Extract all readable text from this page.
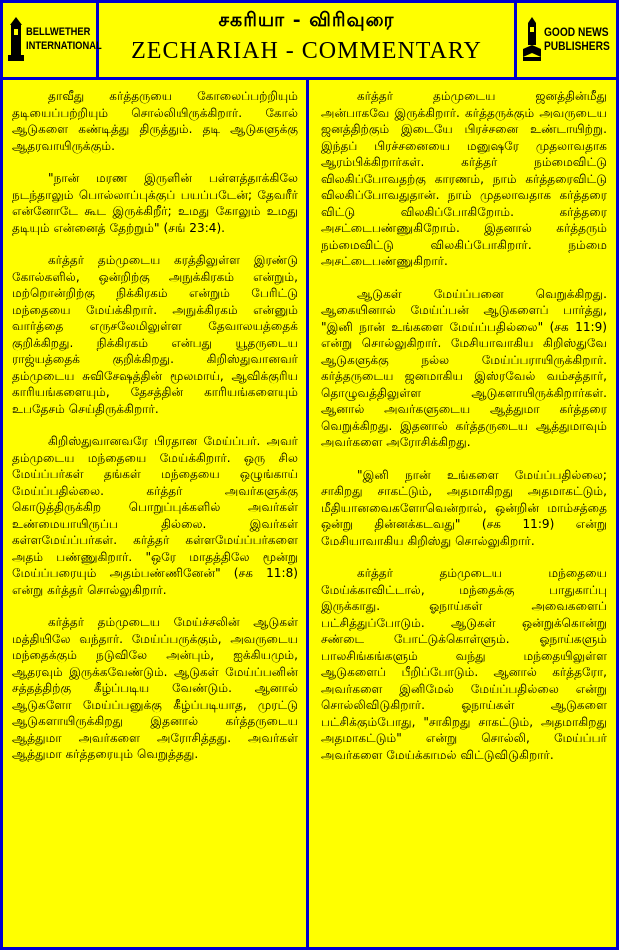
BELLWETHER
INTERNATIONAL
சகரியா - விரிவுரை
ZECHARIAH - COMMENTARY
GOOD NEWS
PUBLISHERS

தாவீது கர்த்தருயை கோலைப்பற்றியும் தடியைப்பற்றியும் சொல்லியிருக்கிறார். கோல் ஆடுகளை கண்டித்து திருத்தும். தடி ஆடுகளுக்கு ஆதரவாயிருக்கும்.

"நான் மரண இருளின் பள்ளத்தாக்கிலே நடந்தாலும் பொல்லாப்புக்குப் பயப்படேன்; தேவரீர் என்னோடே கூட இருக்கிறீர்; உமது கோலும் உமது தடியும் என்னைத் தேற்றும்" (சங் 23:4).

கர்த்தர் தம்முடைய கரத்திலுள்ள இரண்டு கோல்களில், ஒன்றிற்கு அநுக்கிரகம் என்றும், மற்றொன்றிற்கு நிக்கிரகம் என்றும் பேரிட்டு மந்தையை மேய்க்கிறார். அநுக்கிரகம் என்னும் வார்த்தை எருசலேமிலுள்ள தேவாலயத்தைக் குறிக்கிறது. நிக்கிரகம் என்பது யூதருடைய ராஜ்யத்தைக் குறிக்கிறது. கிறிஸ்துவானவர் தம்முடைய சுவிசேஷத்தின் மூலமாய், ஆவிக்குரிய காரியங்களையும், தேசத்தின் காரியங்களையும் உபதேசம் செய்திருக்கிறார்.

கிறிஸ்துவானவரே பிரதான மேய்ப்பர். அவர் தம்முடைய மந்தையை மேய்க்கிறார். ஒரு சில மேய்ப்பர்கள் தங்கள் மந்தையை ஒழுங்காய் மேய்ப்பதில்லை. கர்த்தர் அவர்களுக்கு கொடுத்திருக்கிற பொறுப்புக்களில் அவர்கள் உண்மையாயிருப்ப தில்லை. இவர்கள் கள்ளமேய்ப்பர்கள். கர்த்தர் கள்ளமேய்ப்பர்களை அதம் பண்ணுகிறார். "ஒரே மாதத்திலே மூன்று மேய்ப்பரையும் அதம்பண்ணினேன்" (சக 11:8) என்று கர்த்தர் சொல்லுகிறார்.

கர்த்தர் தம்முடைய மேய்ச்சலின் ஆடுகள் மத்தியிலே வந்தார். மேய்ப்பருக்கும், அவருடைய மந்தைக்கும் நடுவிலே அன்பும், ஐக்கியமும், ஆதரவும் இருக்கவேண்டும். ஆடுகள் மேய்ப்பனின் சத்தத்திற்கு கீழ்ப்படிய வேண்டும். ஆனால் ஆடுகளோ மேய்ப்பனுக்கு கீழ்ப்படியாத, முரட்டு ஆடுகளாயிருக்கிறது இதனால் கர்த்தருடைய ஆத்துமா அவர்களை அரோசித்தது. அவர்கள் ஆத்துமா கர்த்தரையும் வெறுத்தது.

கர்த்தர் தம்முடைய ஜனத்தின்மீது அன்பாகவே இருக்கிறார். கர்த்தருக்கும் அவருடைய ஜனத்திற்கும் இடையே பிரச்சனை உண்டாயிற்று. இந்தப் பிரச்சனையை மனுஷரே முதலாவதாக ஆரம்பிக்கிறார்கள். கர்த்தர் நம்மைவிட்டு விலகிப்போவதற்கு காரணம், நாம் கர்த்தரைவிட்டு விலகிப்போவதுதான். நாம் முதலாவதாக கர்த்தரை விட்டு விலகிப்போகிறோம். கர்த்தரை அசட்டைபண்ணுகிறோம். இதனால் கர்த்தரும் நம்மைவிட்டு விலகிப்போகிறார். நம்மை அசட்டைபண்ணுகிறார்.

ஆடுகள் மேய்ப்பனை வெறுக்கிறது. ஆகையினால் மேய்ப்பன் ஆடுகளைப் பார்த்து, "இனி நான் உங்களை மேய்ப்பதில்லை" (சக 11:9) என்று சொல்லுகிறார். மேசியாவாகிய கிறிஸ்துவே ஆடுகளுக்கு நல்ல மேய்ப்பராயிருக்கிறார். கர்த்தருடைய ஜனமாகிய இஸ்ரவேல் வம்சத்தார், தொழுவத்திலுள்ள ஆடுகளாயிருக்கிறார்கள். ஆனால் அவர்களுடைய ஆத்துமா கர்த்தரை வெறுக்கிறது. இதனால் கர்த்தருடைய ஆத்துமாவும் அவர்களை அரோசிக்கிறது.

"இனி நான் உங்களை மேய்ப்பதில்லை; சாகிறது சாகட்டும், அதமாகிறது அதமாகட்டும், மீதியானவைகளோவென்றால், ஒன்றின் மாம்சத்தை ஒன்று தின்னக்கடவது" (சக 11:9) என்று மேசியாவாகிய கிறிஸ்து சொல்லுகிறார்.

கர்த்தர் தம்முடைய மந்தையை மேய்க்காவிட்டால், மந்தைக்கு பாதுகாப்பு இருக்காது. ஓநாய்கள் அவைகளைப் பட்சித்துப்போடும். ஆடுகள் ஒன்றுக்கொன்று சண்டை போட்டுக்கொள்ளும். ஓநாய்களும் பாலசிங்கங்களும் வந்து மந்தையிலுள்ள ஆடுகளைப் பீறிப்போடும். ஆனால் கர்த்தரோ, அவர்களை இனிமேல் மேய்ப்பதில்லை என்று சொல்லிவிடுகிறார். ஓநாய்கள் ஆடுகளை பட்சிக்கும்போது, "சாகிறது சாகட்டும், அதமாகிறது அதமாகட்டும்" என்று சொல்லி, மேய்ப்பர் அவர்களை மேய்க்காமல் விட்டுவிடுகிறார்.
